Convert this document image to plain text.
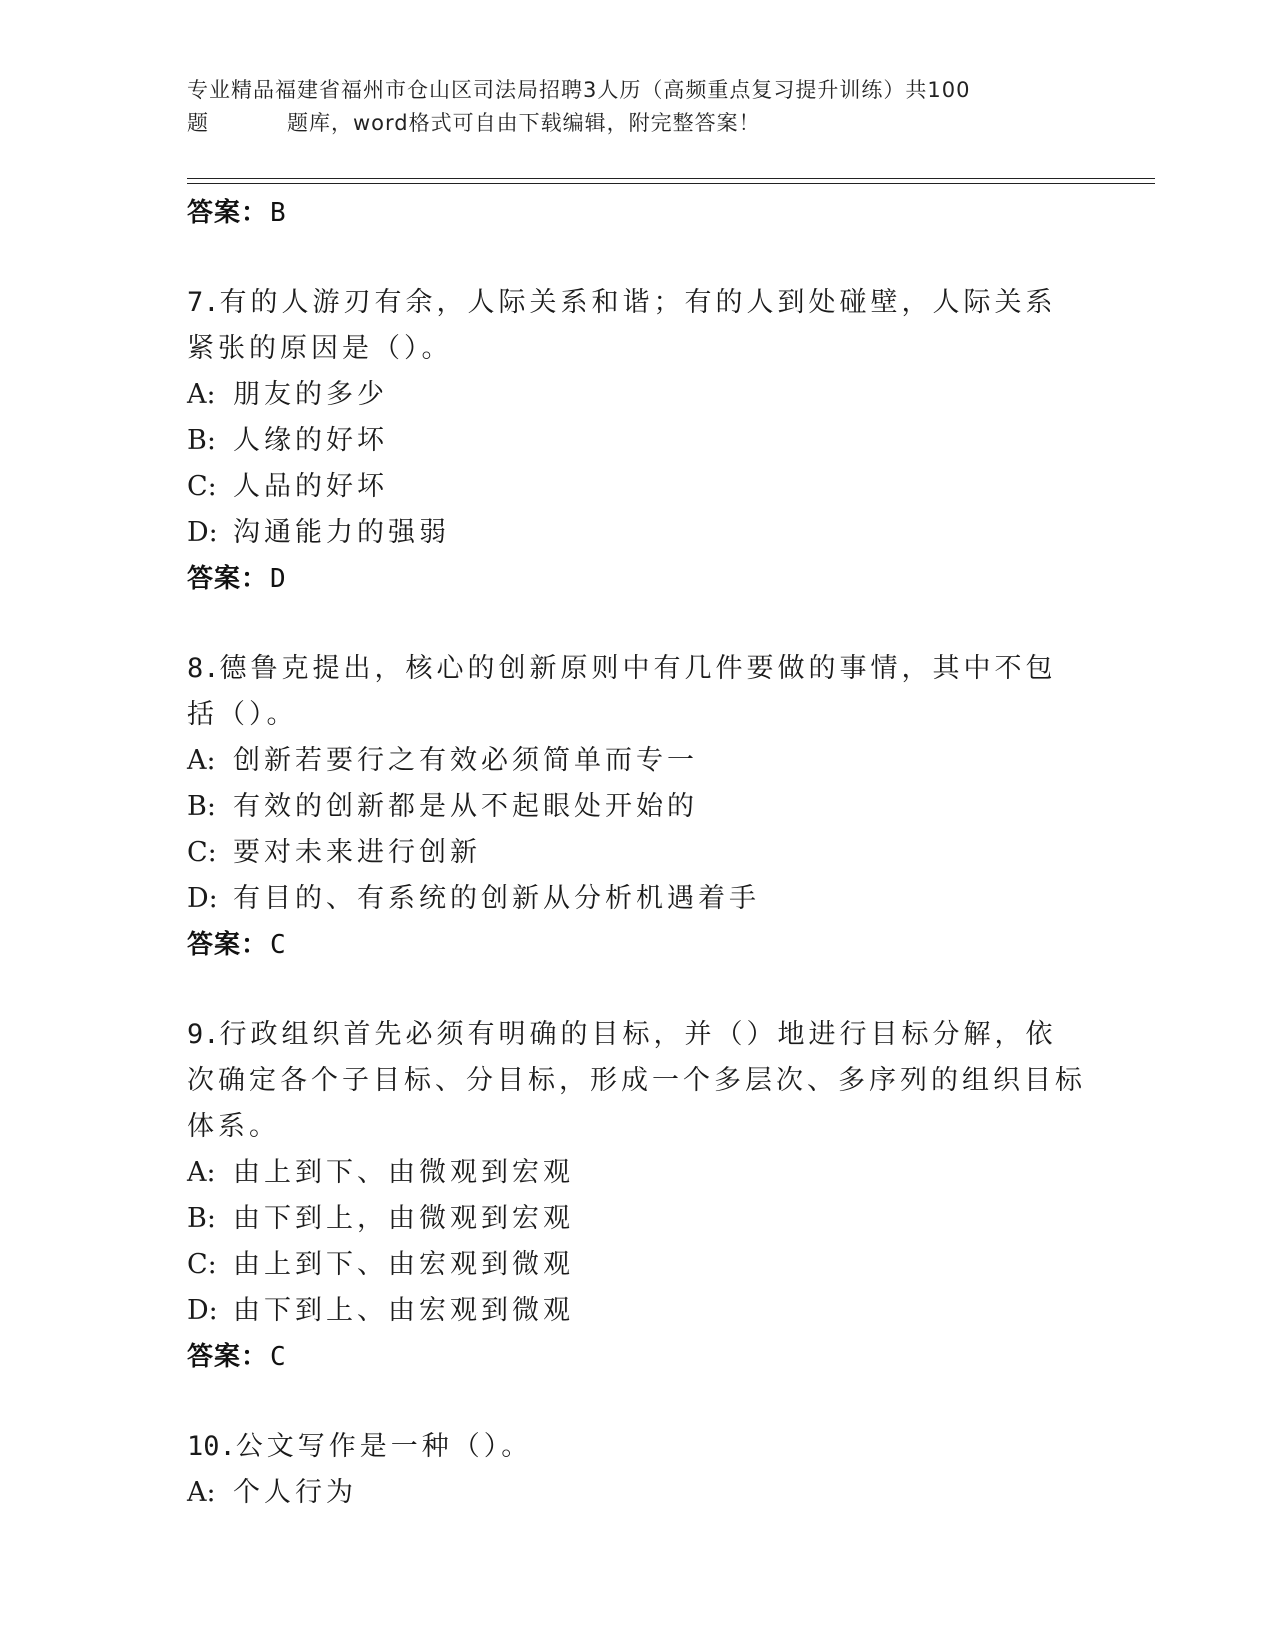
专业精品福建省福州市仓山区司法局招聘3人历（高频重点复习提升训练）共100
题	题库，word格式可自由下载编辑，附完整答案！
答案：B
7.有的人游刃有余，人际关系和谐；有的人到处碰壁，人际关系紧张的原因是（）。
A: 朋友的多少
B: 人缘的好坏
C: 人品的好坏
D: 沟通能力的强弱
答案：D
8.德鲁克提出，核心的创新原则中有几件要做的事情，其中不包括（）。
A: 创新若要行之有效必须简单而专一
B: 有效的创新都是从不起眼处开始的
C: 要对未来进行创新
D: 有目的、有系统的创新从分析机遇着手
答案：C
9.行政组织首先必须有明确的目标，并（）地进行目标分解，依次确定各个子目标、分目标，形成一个多层次、多序列的组织目标体系。
A: 由上到下、由微观到宏观
B: 由下到上，由微观到宏观
C: 由上到下、由宏观到微观
D: 由下到上、由宏观到微观
答案：C
10.公文写作是一种（）。
A: 个人行为
